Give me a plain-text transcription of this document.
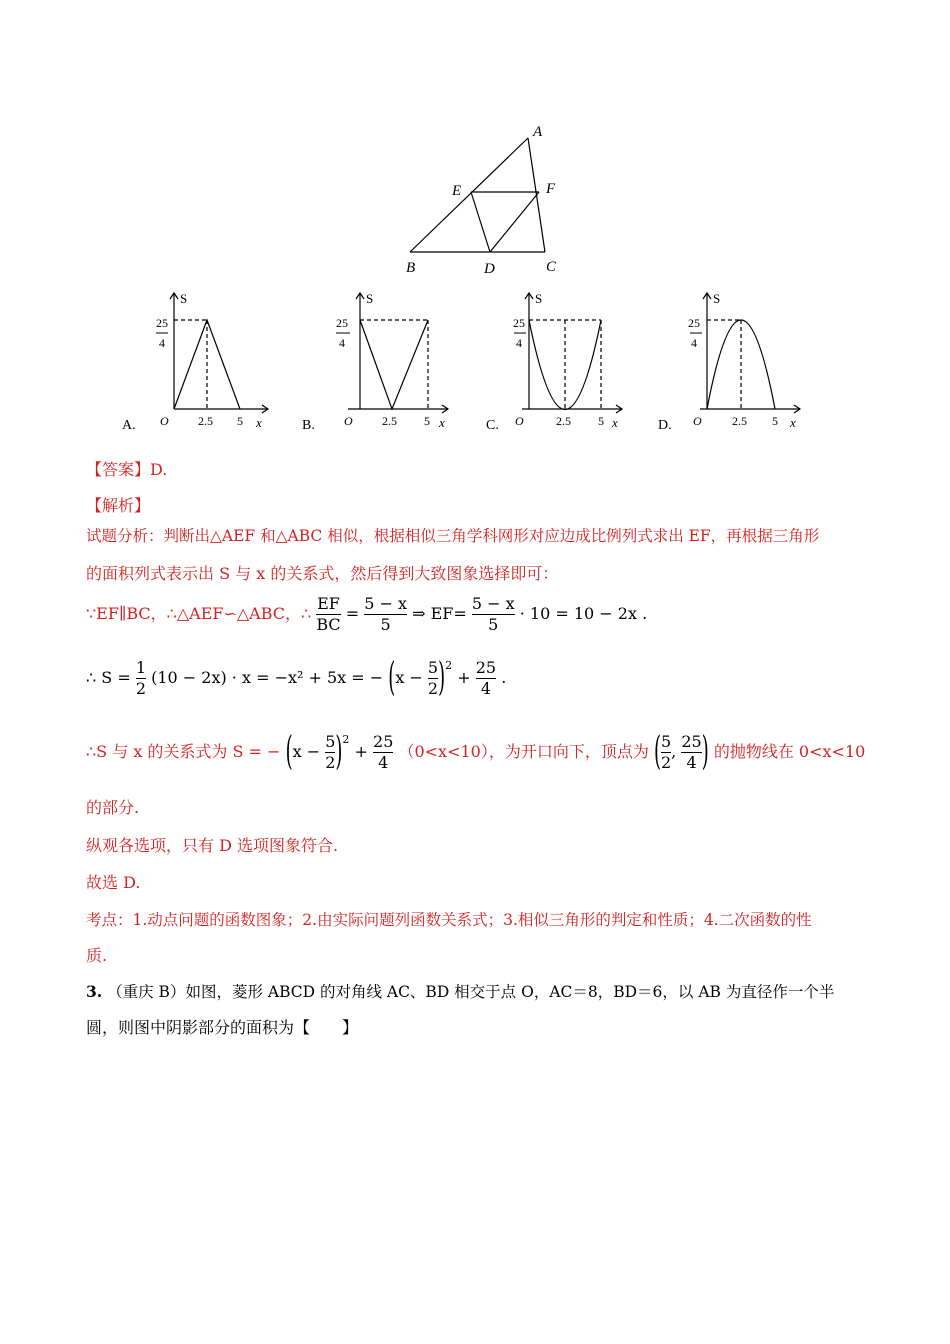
A
B	C
D
E	F
S
25
4
O 2.5 5 x
A.
S
25
4
O 2.5 5 x
B.
S
25
4
O	2.5 5 x
C.
S
25
4
O	2.5 5 x
D.
【答案】D.
【解析】
试题分析：判断出△AEF 和△ABC 相似，根据相似三角学科网形对应边成比例列式求出 EF，再根据三角形
的面积列式表示出 S 与 x 的关系式，然后得到大致图象选择即可：
∵EF∥BC，∴△AEF∽△ABC，∴ $\frac{EF}{BC} = \frac{5 - x}{5}$ ⇒ $EF= \frac{5 - x}{5} \cdot 10 = 10 - 2x$ .
∴ $S = \frac{1}{2} (10 - 2x) \cdot x = -x^2 + 5x$ = − $(x - \frac{5}{2} )^2 + \frac{25}{4}$ .
∴S 与 x 的关系式为 S = − $(x - \frac{5}{2} )^2 + \frac{25}{4} (0<x<10)$，为开口向下，顶点为 ( $\frac{5}{2}$ , $\frac{25}{4}$ ) 的抛物线在 0<x<10
的部分.
纵观各选项，只有 D 选项图象符合.
故选 D.
考点：1.动点问题的函数图象；2.由实际问题列函数关系式；3.相似三角形的判定和性质；4.二次函数的性
质.
3. （重庆 B）如图，菱形 ABCD 的对角线 AC、BD 相交于点 O，AC＝8，BD＝6，以 AB 为直径作一个半
圆，则图中阴影部分的面积为【　　】
